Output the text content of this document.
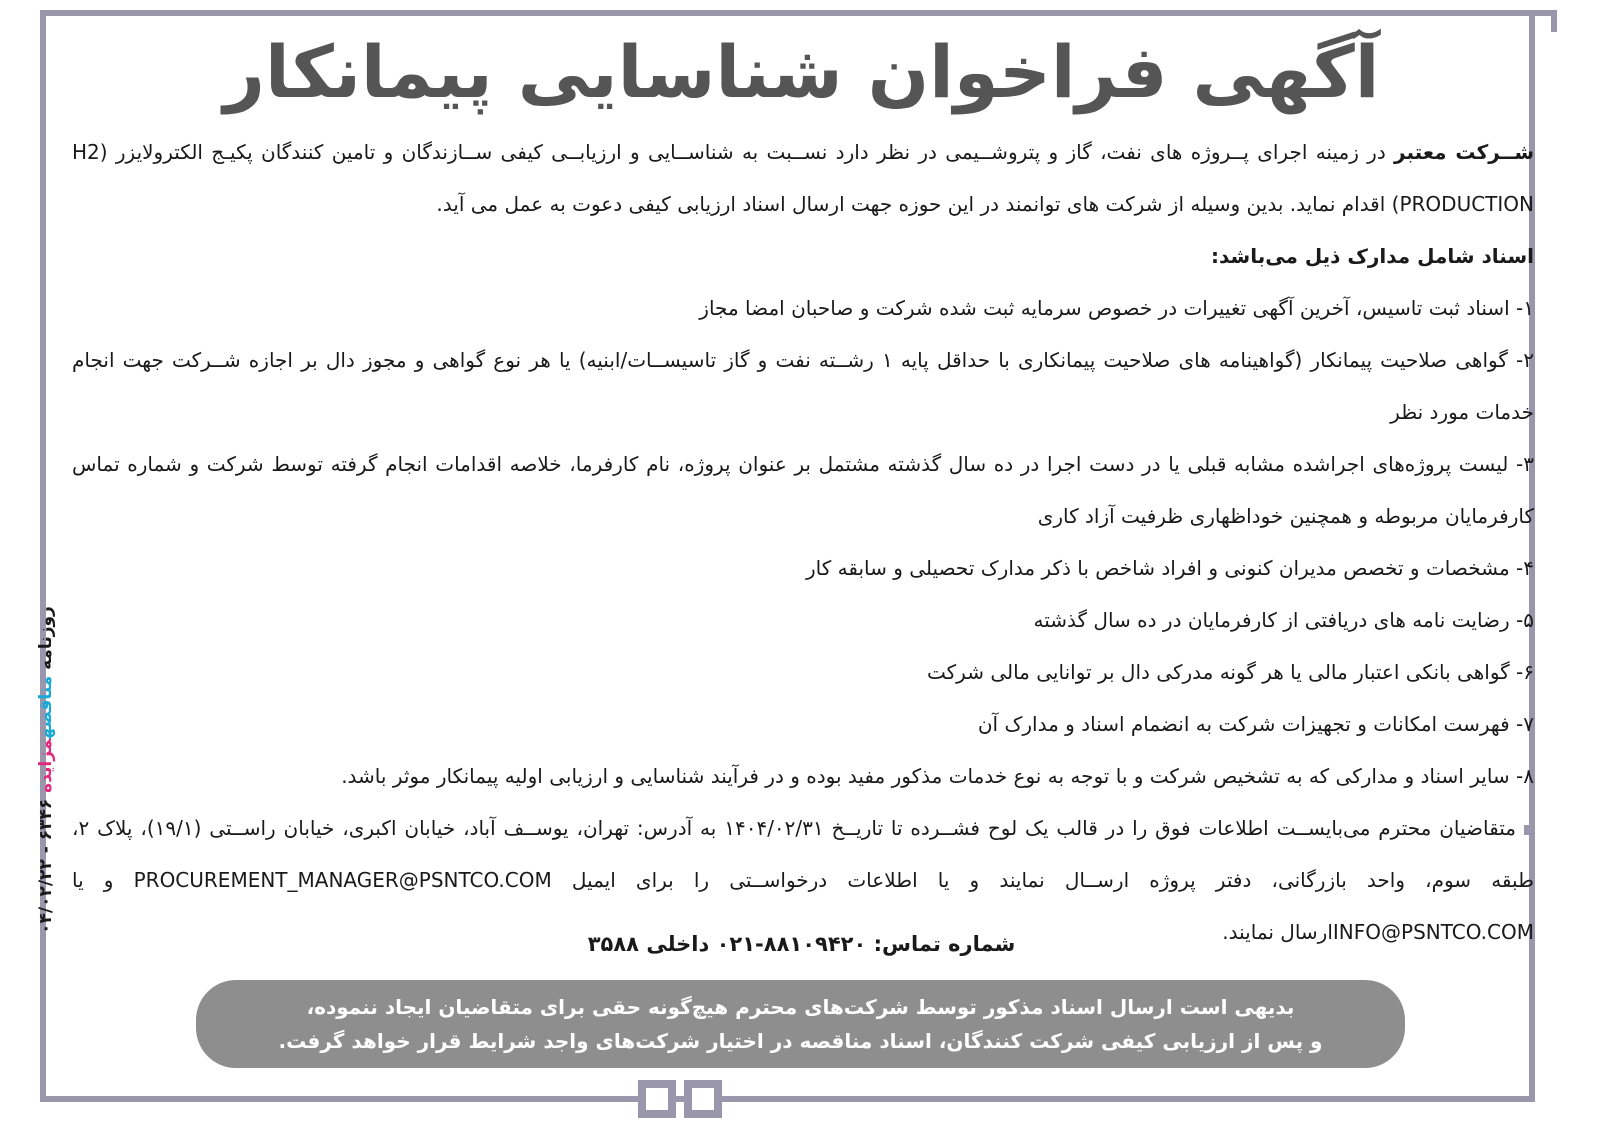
آگهی فراخوان شناسایی پیمانکار

شــرکت معتبر در زمینه اجرای پــروژه های نفت، گاز و پتروشــیمی در نظر دارد نســبت به شناســایی و ارزیابــی کیفی ســازندگان و تامین کنندگان پکیـج الکترولایزر (H2 PRODUCTION) اقدام نماید. بدین وسیله از شرکت های توانمند در این حوزه جهت ارسال اسناد ارزیابی کیفی دعوت به عمل می آید.

اسناد شامل مدارک ذیل می‌باشد:

۱- اسناد ثبت تاسیس، آخرین آگهی تغییرات در خصوص سرمایه ثبت شده شرکت و صاحبان امضا مجاز

۲- گواهی صلاحیت پیمانکار (گواهینامه های صلاحیت پیمانکاری با حداقل پایه ۱ رشــته نفت و گاز تاسیســات/ابنیه) یا هر نوع گواهی و مجوز دال بر اجازه شــرکت جهت انجام خدمات مورد نظر

۳- لیست پروژه‌های اجراشده مشابه قبلی یا در دست اجرا در ده سال گذشته مشتمل بر عنوان پروژه، نام کارفرما، خلاصه اقدامات انجام گرفته توسط شرکت و شماره تماس کارفرمایان مربوطه و همچنین خوداظهاری ظرفیت آزاد کاری

۴- مشخصات و تخصص مدیران کنونی و افراد شاخص با ذکر مدارک تحصیلی و سابقه کار

۵- رضایت نامه های دریافتی از کارفرمایان در ده سال گذشته

۶- گواهی بانکی اعتبار مالی یا هر گونه مدرکی دال بر توانایی مالی شرکت

۷- فهرست امکانات و تجهیزات شرکت به انضمام اسناد و مدارک آن

۸- سایر اسناد و مدارکی که به تشخیص شرکت و با توجه به نوع خدمات مذکور مفید بوده و در فرآیند شناسایی و ارزیابی اولیه پیمانکار موثر باشد.

متقاضیان محترم می‌بایســت اطلاعات فوق را در قالب یک لوح فشــرده تا تاریــخ ۱۴۰۴/۰۲/۳۱ به آدرس: تهران، یوســف آباد، خیابان اکبری، خیابان راســتی (۱۹/۱)، پلاک ۲، طبقه سوم، واحد بازرگانی، دفتر پروژه ارســال نمایند و یا اطلاعات درخواســتی را برای ایمیل PROCUREMENT_MANAGER@PSNTCO.COM و یا INFO@PSNTCO.COMارسال نمایند.

شماره تماس: ۸۸۱۰۹۴۲۰-۰۲۱ داخلی ۳۵۸۸
بدیهی است ارسال اسناد مذکور توسط شرکت‌های محترم هیچ‌گونه حقی برای متقاضیان ایجاد ننموده،
و پس از ارزیابی کیفی شرکت کنندگان، اسناد مناقصه در اختیار شرکت‌های واجد شرایط قرار خواهد گرفت.
روزنامه مناقصهمزایده ۶۳۴۶ - ۰۴/۰۲/۲۲
